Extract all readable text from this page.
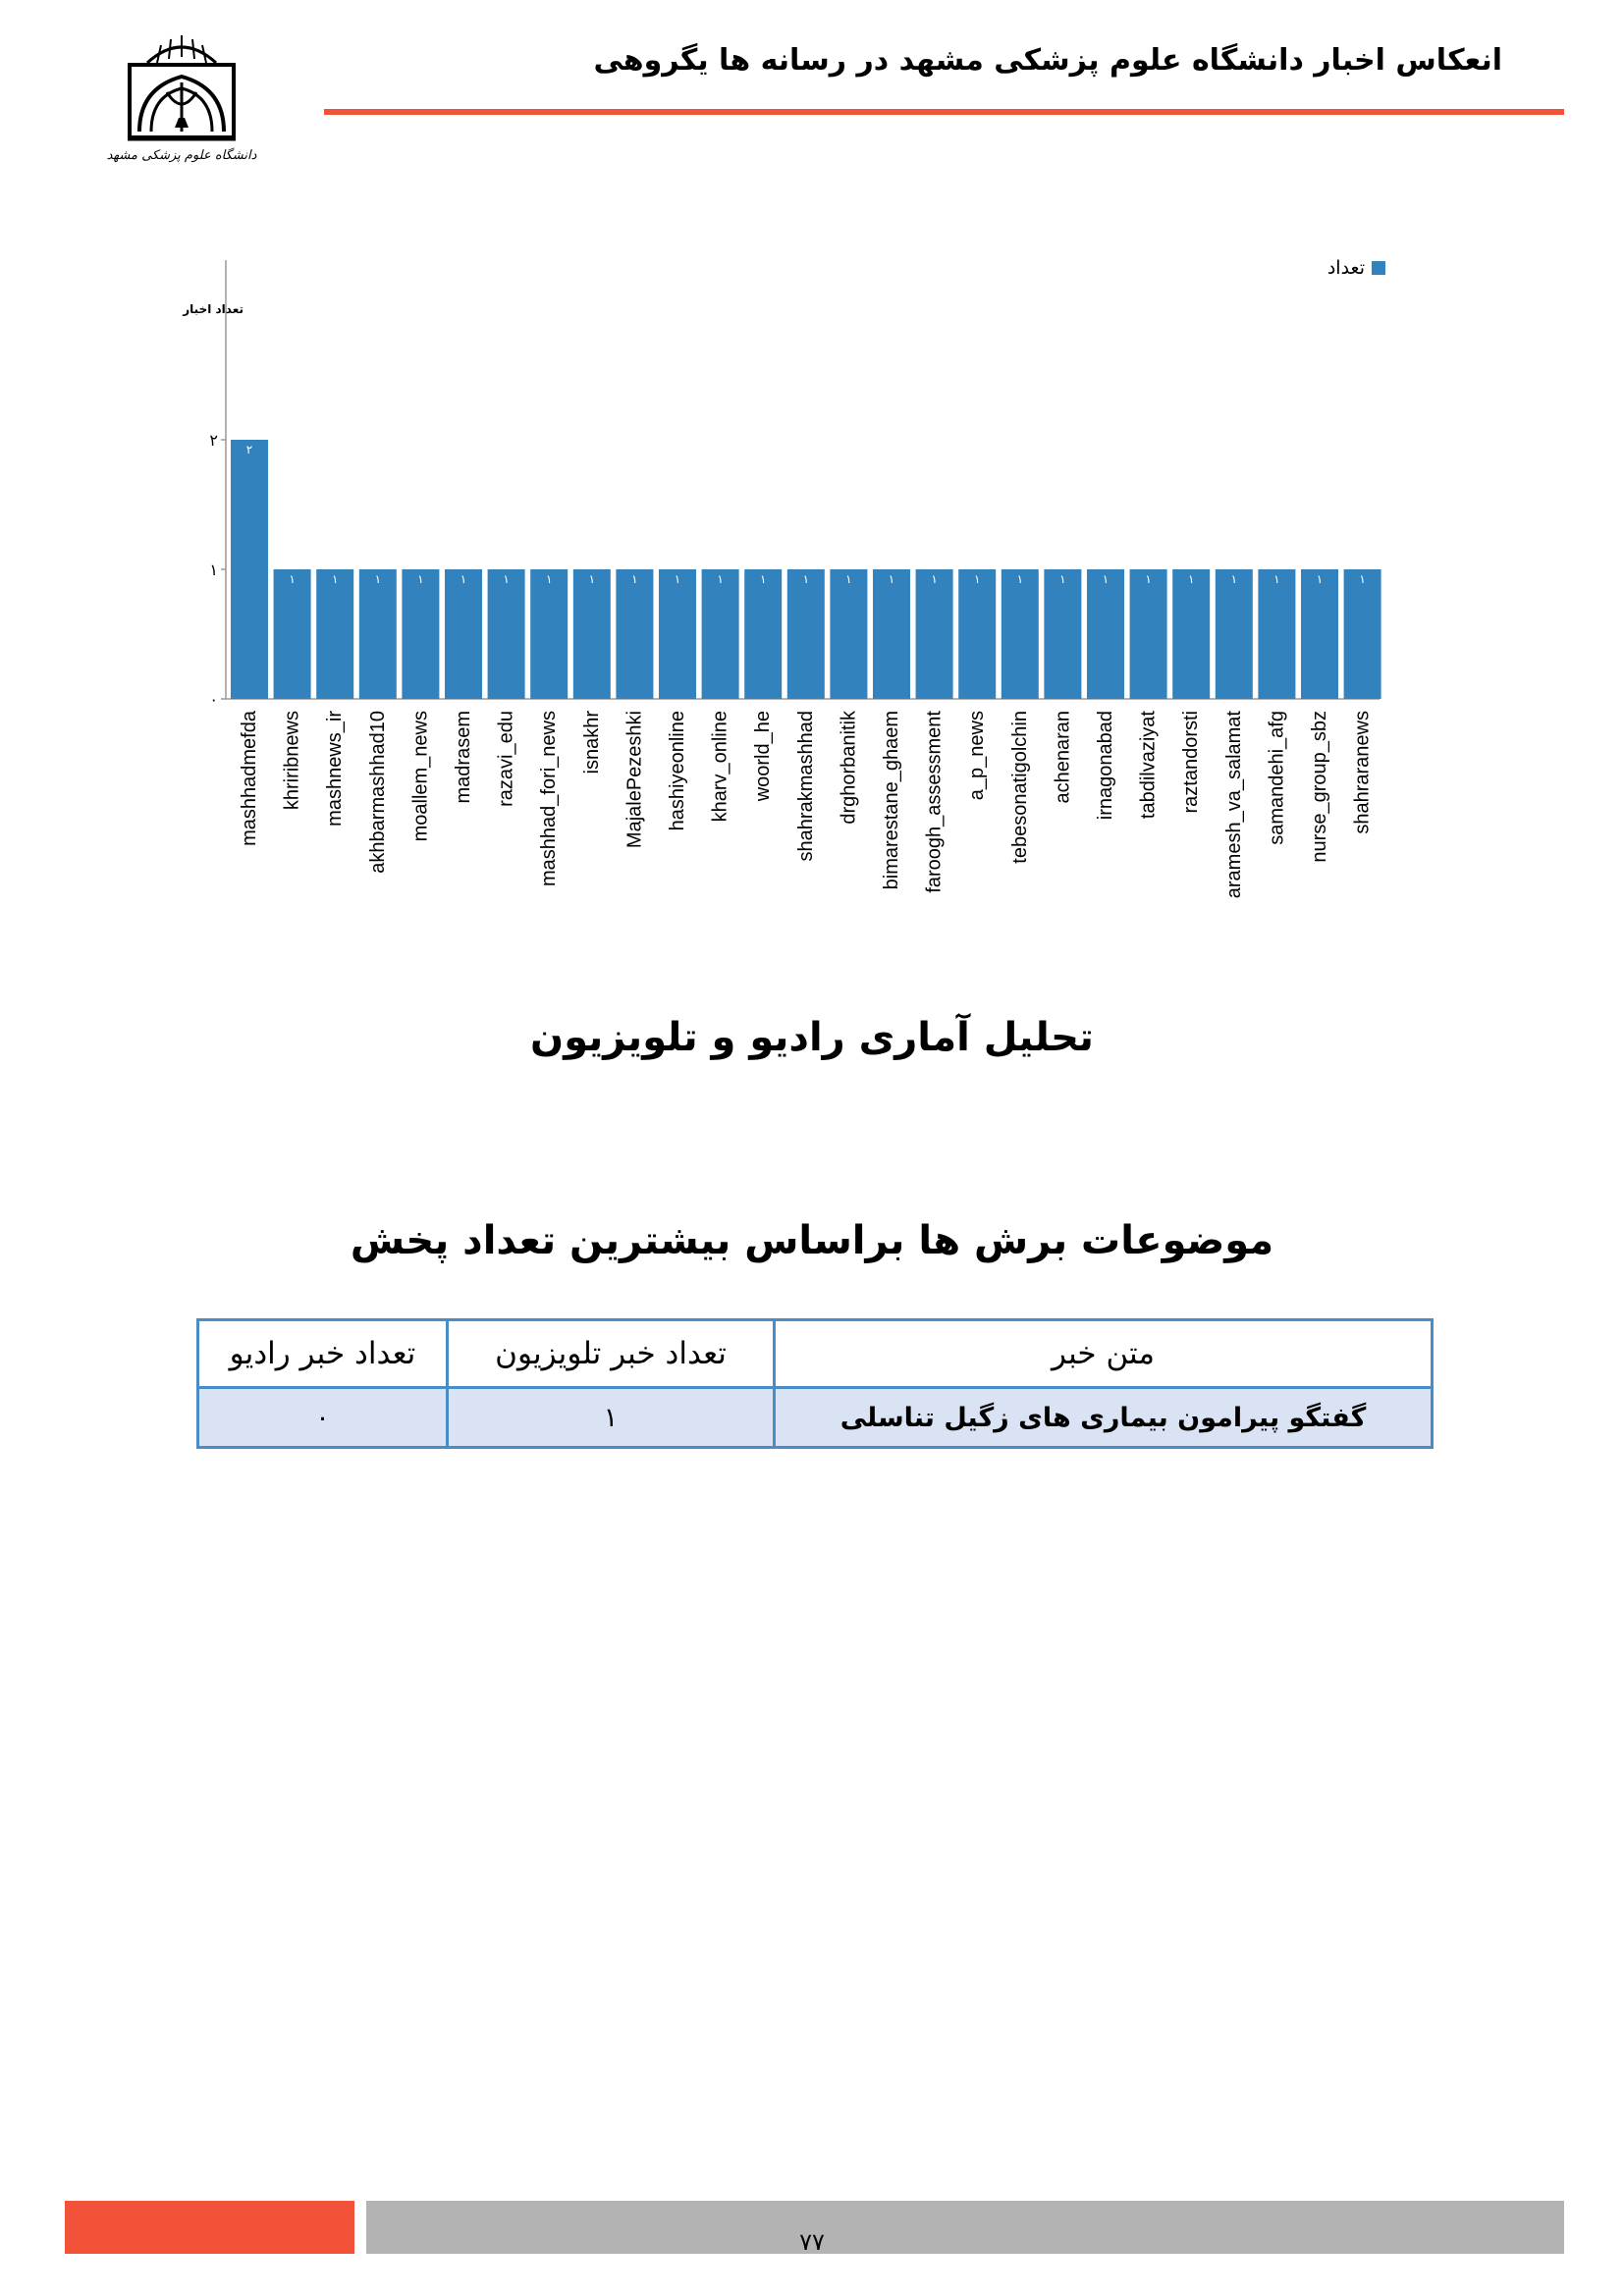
دانشگاه علوم پزشکی مشهد
انعکاس اخبار دانشگاه علوم پزشکی مشهد در رسانه ها یگروهی
٠
١
٢ ٢
١	١	١	١	١	١	١	١	١	١	١	١	١	١	١	١	١	١	١	١	١	١	١	١	١	١
mashhadmefda khriribnews mashnews_ir akhbarmashhad10 moallem_news madrasem razavi_edu mashhad_fori_news isnakhr MajalePezeshki hashiyeonline kharv_online woorld_he shahrakmashhad drghorbanitik bimarestane_ghaem faroogh_assessment a_p_news tebesonatigolchin achenaran irnagonabad tabdilvaziyat raztandorsti aramesh_va_salamat samandehi_afg nurse_group_sbz shahraranews
تعداد اخبار
تعداد
تحلیل آماری رادیو و تلویزیون
موضوعات برش ها براساس بیشترین تعداد پخش
متن خبر	تعداد خبر تلویزیون	تعداد خبر رادیو
گفتگو پیرامون بیماری های زگیل تناسلی	١	٠
٧٧
